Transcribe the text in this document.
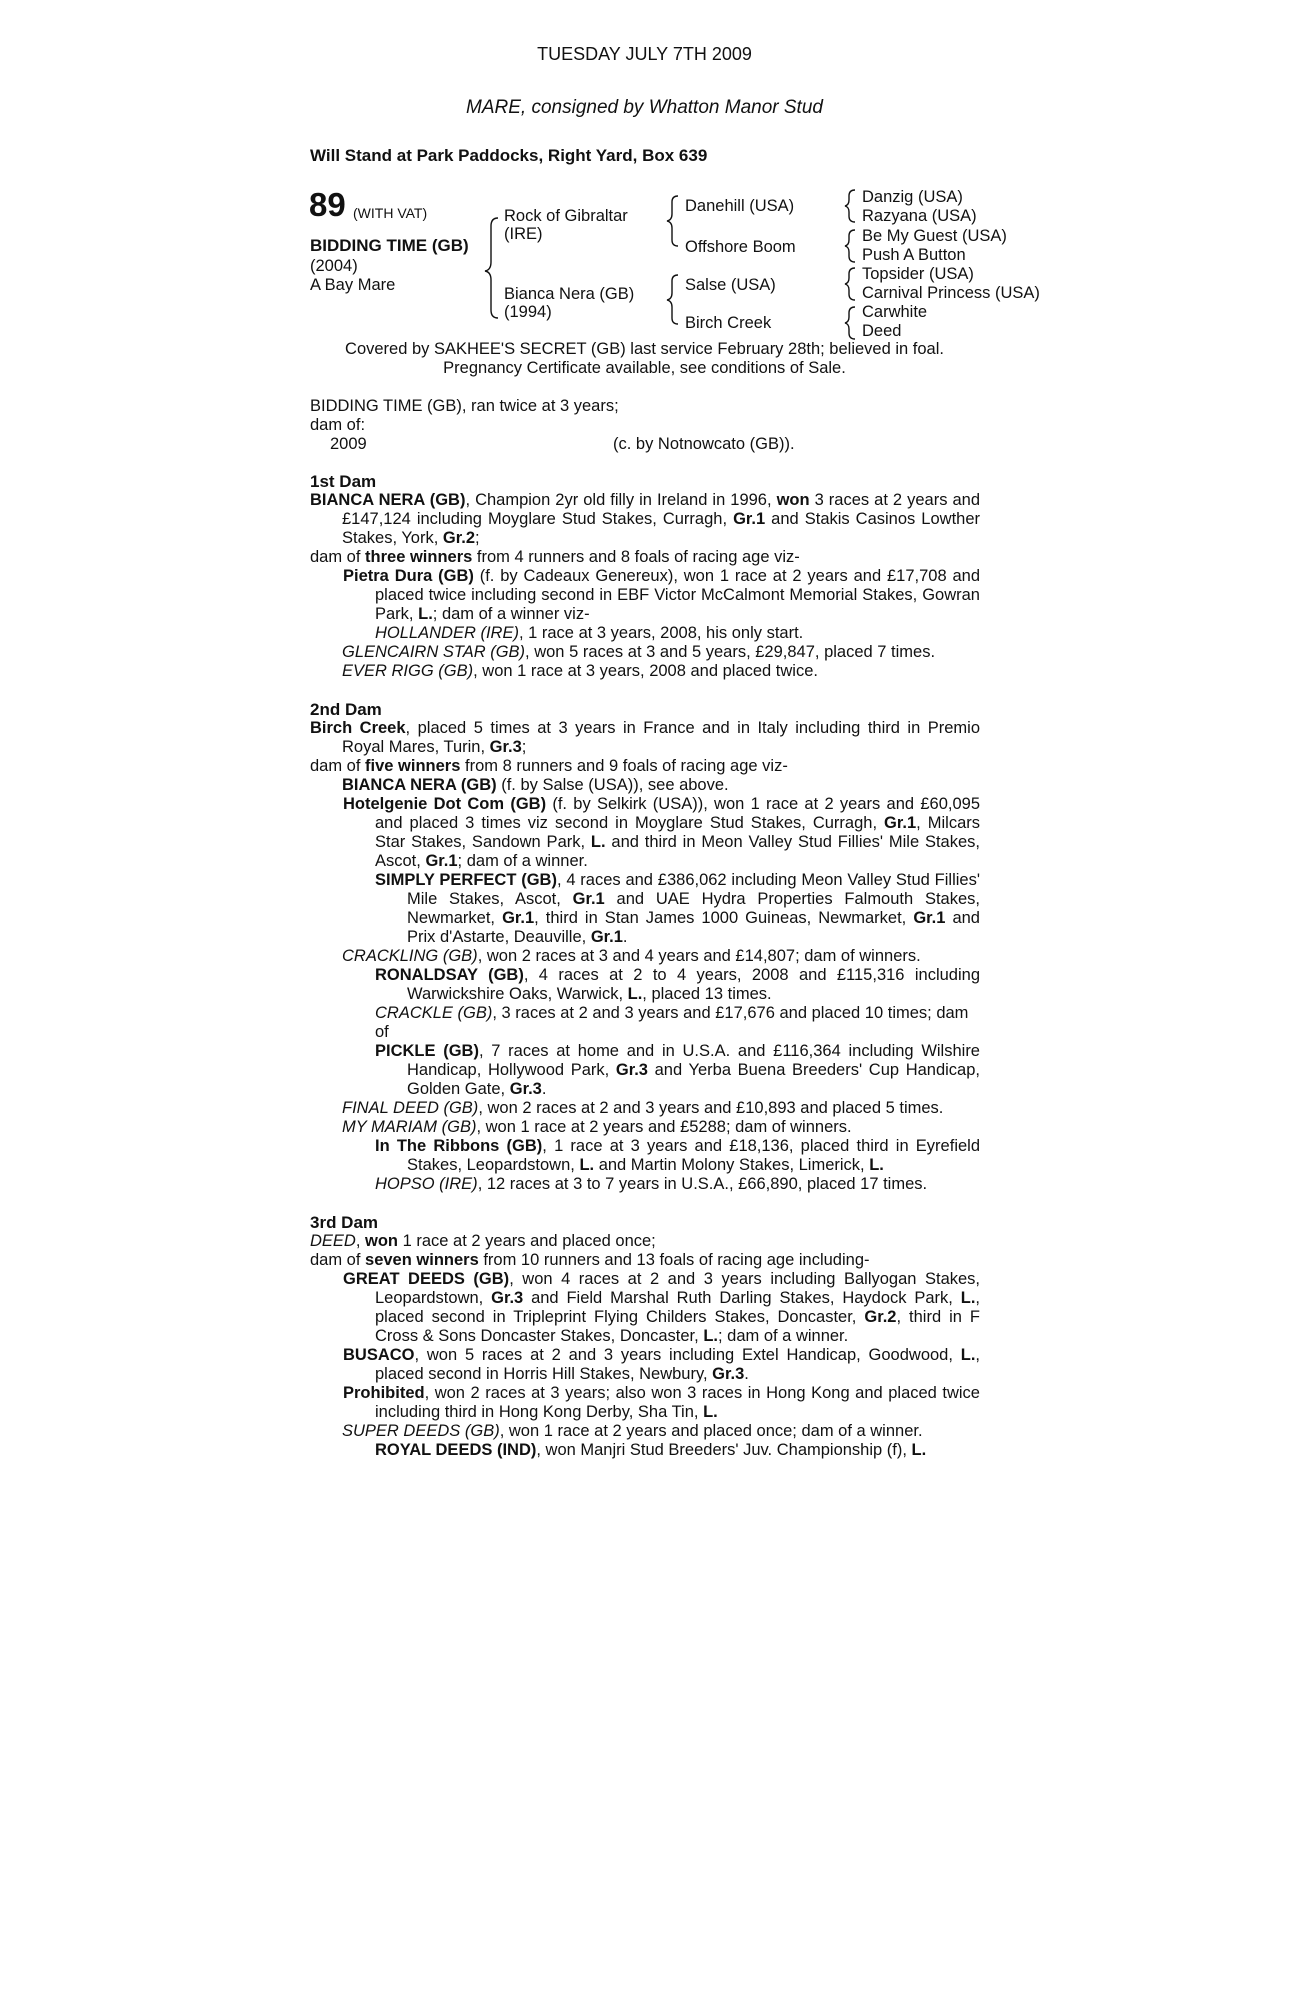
TUESDAY JULY 7TH 2009
MARE, consigned by Whatton Manor Stud
Will Stand at Park Paddocks, Right Yard, Box 639
89 (WITH VAT)
BIDDING TIME (GB)
(2004)
A Bay Mare
Rock of Gibraltar
(IRE)
Bianca Nera (GB)
(1994)
Danehill (USA)
Offshore Boom
Salse (USA)
Birch Creek
Danzig (USA)
Razyana (USA)
Be My Guest (USA)
Push A Button
Topsider (USA)
Carnival Princess (USA)
Carwhite
Deed
Covered by SAKHEE'S SECRET (GB) last service February 28th; believed in foal.
Pregnancy Certificate available, see conditions of Sale.
BIDDING TIME (GB), ran twice at 3 years;
dam of:
2009	(c. by Notnowcato (GB)).

1st Dam

BIANCA NERA (GB), Champion 2yr old filly in Ireland in 1996, won 3 races at 2 years and £147,124 including Moyglare Stud Stakes, Curragh, Gr.1 and Stakis Casinos Lowther Stakes, York, Gr.2;

dam of three winners from 4 runners and 8 foals of racing age viz-

Pietra Dura (GB) (f. by Cadeaux Genereux), won 1 race at 2 years and £17,708 and placed twice including second in EBF Victor McCalmont Memorial Stakes, Gowran Park, L.; dam of a winner viz-

HOLLANDER (IRE), 1 race at 3 years, 2008, his only start.

GLENCAIRN STAR (GB), won 5 races at 3 and 5 years, £29,847, placed 7 times.

EVER RIGG (GB), won 1 race at 3 years, 2008 and placed twice.

2nd Dam

Birch Creek, placed 5 times at 3 years in France and in Italy including third in Premio Royal Mares, Turin, Gr.3;

dam of five winners from 8 runners and 9 foals of racing age viz-

BIANCA NERA (GB) (f. by Salse (USA)), see above.

Hotelgenie Dot Com (GB) (f. by Selkirk (USA)), won 1 race at 2 years and £60,095 and placed 3 times viz second in Moyglare Stud Stakes, Curragh, Gr.1, Milcars Star Stakes, Sandown Park, L. and third in Meon Valley Stud Fillies' Mile Stakes, Ascot, Gr.1; dam of a winner.

SIMPLY PERFECT (GB), 4 races and £386,062 including Meon Valley Stud Fillies' Mile Stakes, Ascot, Gr.1 and UAE Hydra Properties Falmouth Stakes, Newmarket, Gr.1, third in Stan James 1000 Guineas, Newmarket, Gr.1 and Prix d'Astarte, Deauville, Gr.1.

CRACKLING (GB), won 2 races at 3 and 4 years and £14,807; dam of winners.

RONALDSAY (GB), 4 races at 2 to 4 years, 2008 and £115,316 including Warwickshire Oaks, Warwick, L., placed 13 times.

CRACKLE (GB), 3 races at 2 and 3 years and £17,676 and placed 10 times; dam of

PICKLE (GB), 7 races at home and in U.S.A. and £116,364 including Wilshire Handicap, Hollywood Park, Gr.3 and Yerba Buena Breeders' Cup Handicap, Golden Gate, Gr.3.

FINAL DEED (GB), won 2 races at 2 and 3 years and £10,893 and placed 5 times.

MY MARIAM (GB), won 1 race at 2 years and £5288; dam of winners.

In The Ribbons (GB), 1 race at 3 years and £18,136, placed third in Eyrefield Stakes, Leopardstown, L. and Martin Molony Stakes, Limerick, L.

HOPSO (IRE), 12 races at 3 to 7 years in U.S.A., £66,890, placed 17 times.

3rd Dam

DEED, won 1 race at 2 years and placed once;

dam of seven winners from 10 runners and 13 foals of racing age including-

GREAT DEEDS (GB), won 4 races at 2 and 3 years including Ballyogan Stakes, Leopardstown, Gr.3 and Field Marshal Ruth Darling Stakes, Haydock Park, L., placed second in Tripleprint Flying Childers Stakes, Doncaster, Gr.2, third in F Cross & Sons Doncaster Stakes, Doncaster, L.; dam of a winner.

BUSACO, won 5 races at 2 and 3 years including Extel Handicap, Goodwood, L., placed second in Horris Hill Stakes, Newbury, Gr.3.

Prohibited, won 2 races at 3 years; also won 3 races in Hong Kong and placed twice including third in Hong Kong Derby, Sha Tin, L.

SUPER DEEDS (GB), won 1 race at 2 years and placed once; dam of a winner.

ROYAL DEEDS (IND), won Manjri Stud Breeders' Juv. Championship (f), L.
